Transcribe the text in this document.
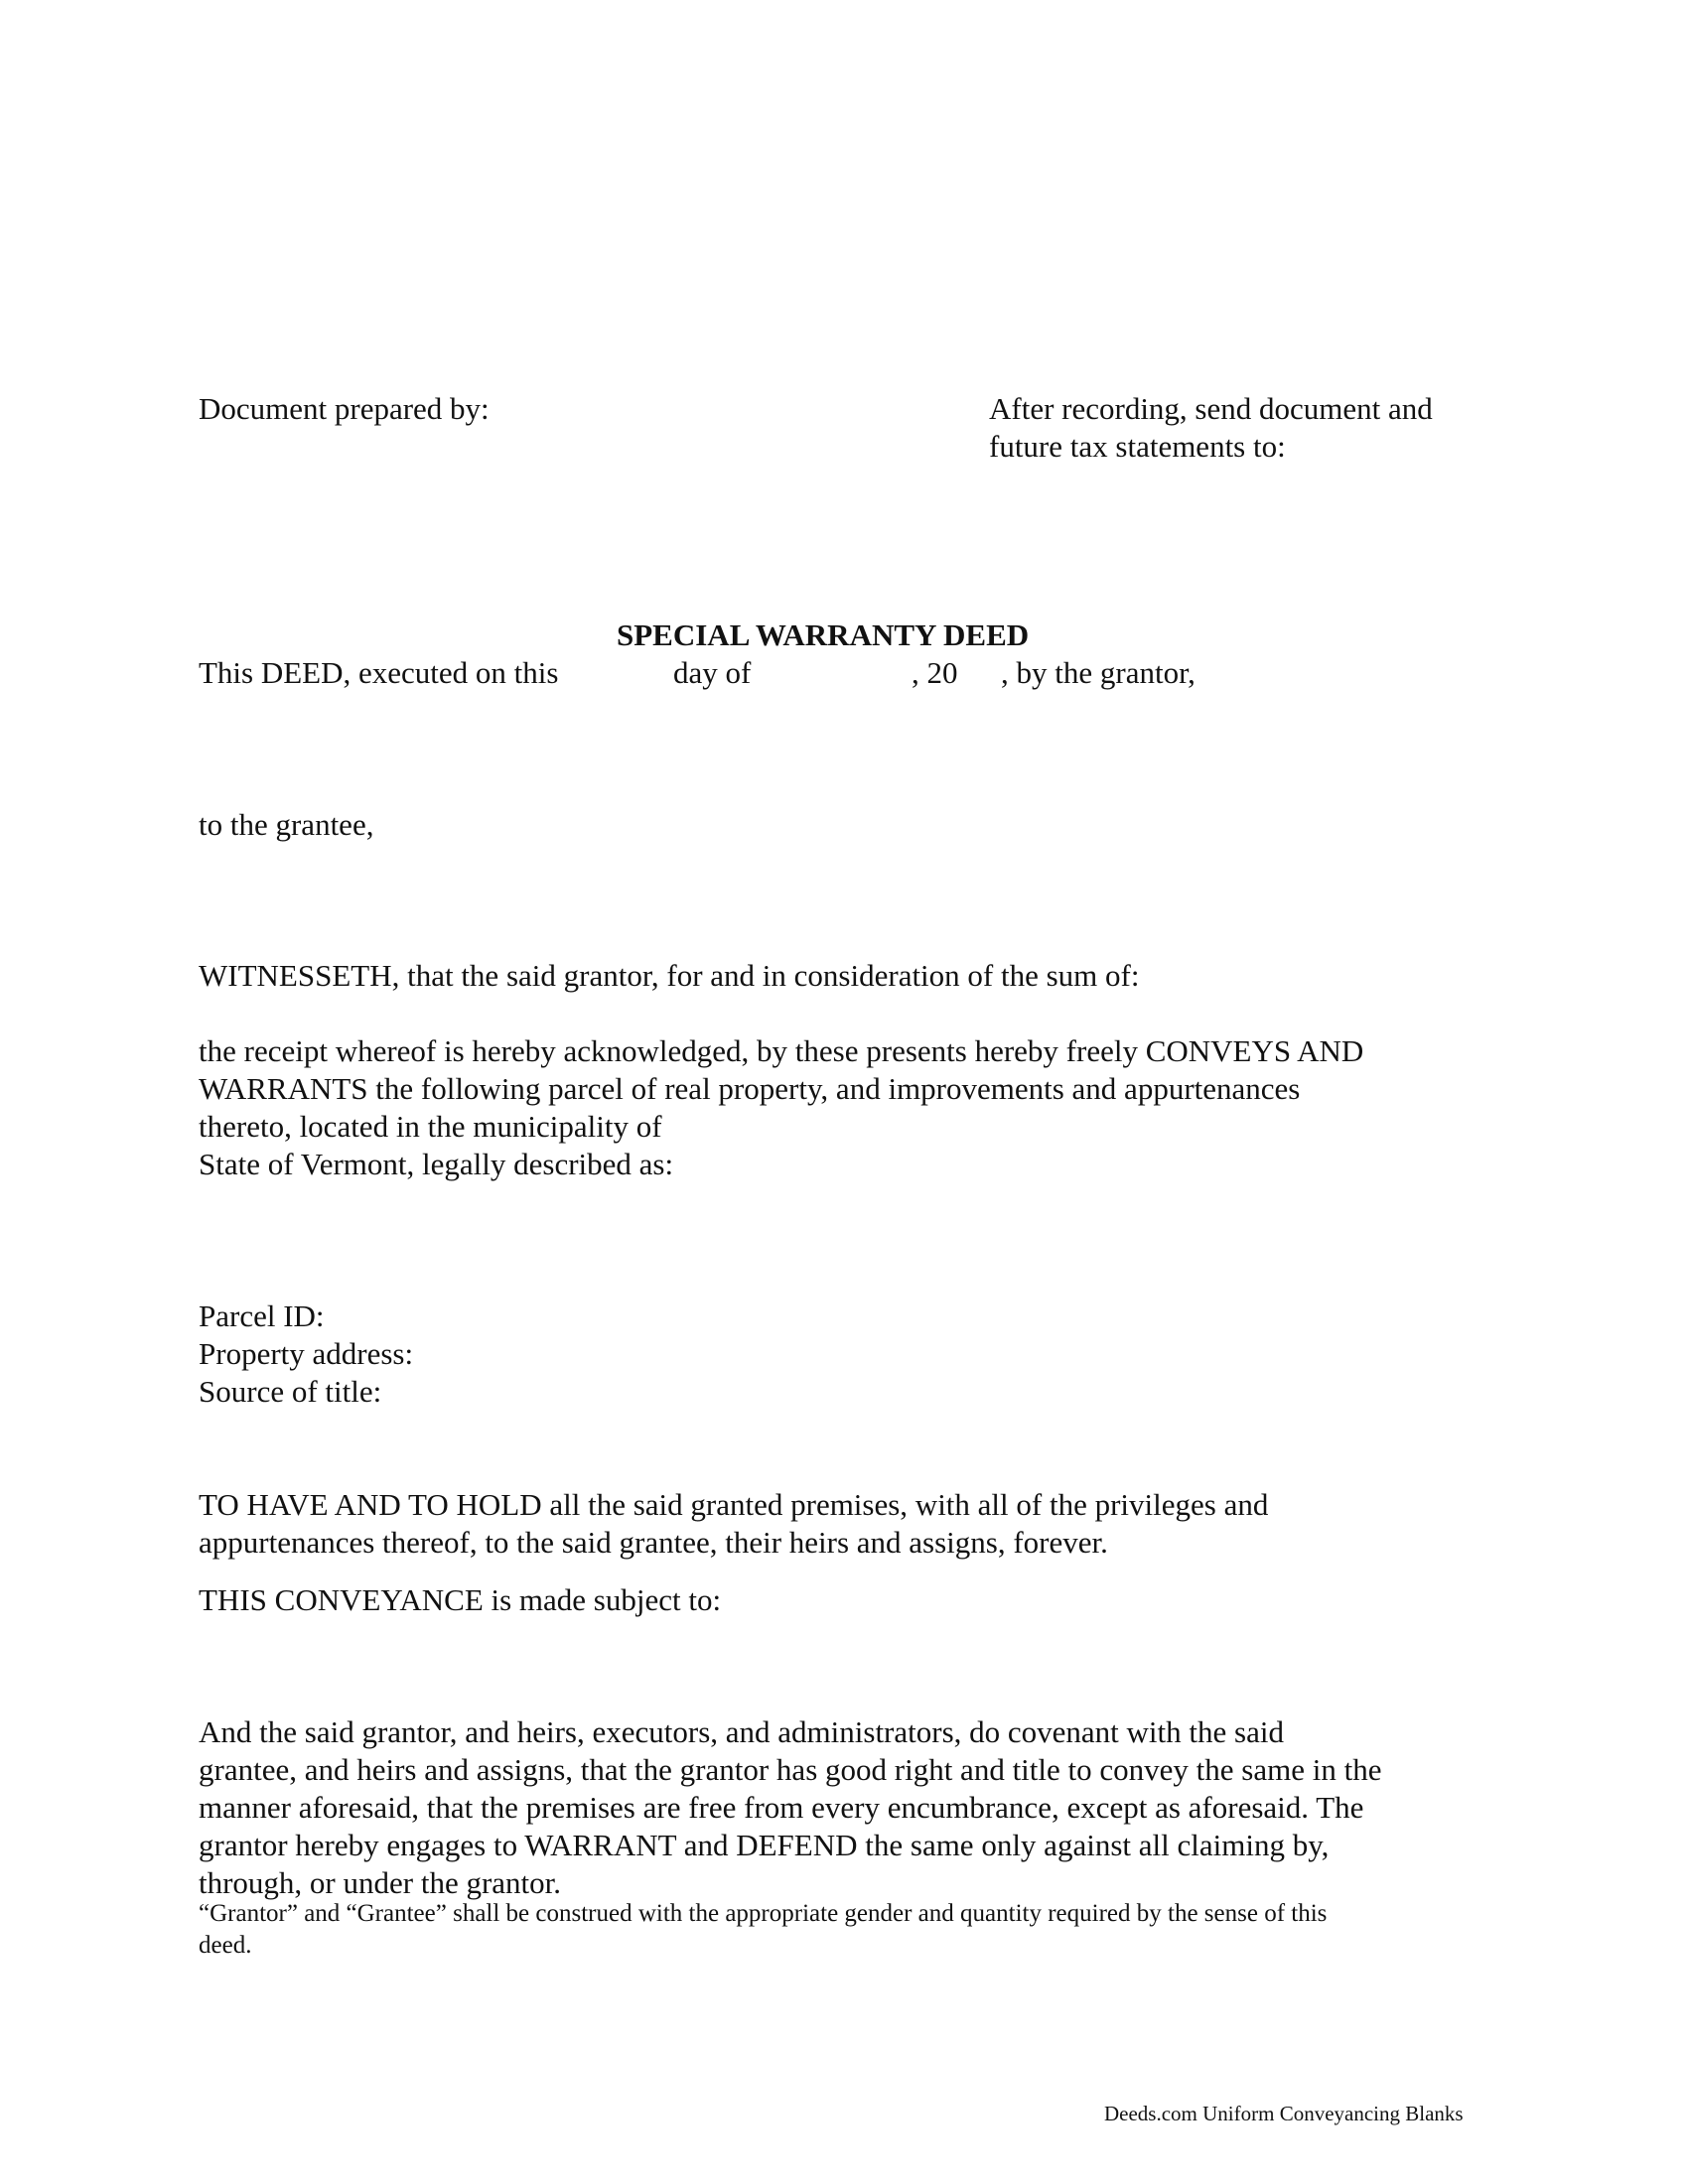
Document prepared by:	After recording, send document and
future tax statements to:
SPECIAL WARRANTY DEED
This DEED, executed on this	day of	, 20 , by the grantor,
to the grantee,
WITNESSETH, that the said grantor, for and in consideration of the sum of:
the receipt whereof is hereby acknowledged, by these presents hereby freely CONVEYS AND
WARRANTS the following parcel of real property, and improvements and appurtenances
thereto, located in the municipality of
State of Vermont, legally described as:
Parcel ID:
Property address:
Source of title:
TO HAVE AND TO HOLD all the said granted premises, with all of the privileges and
appurtenances thereof, to the said grantee, their heirs and assigns, forever.
THIS CONVEYANCE is made subject to:
And the said grantor, and heirs, executors, and administrators, do covenant with the said
grantee, and heirs and assigns, that the grantor has good right and title to convey the same in the
manner aforesaid, that the premises are free from every encumbrance, except as aforesaid. The
grantor hereby engages to WARRANT and DEFEND the same only against all claiming by,
through, or under the grantor.
“Grantor” and “Grantee” shall be construed with the appropriate gender and quantity required by the sense of this
deed.
Deeds.com Uniform Conveyancing Blanks
